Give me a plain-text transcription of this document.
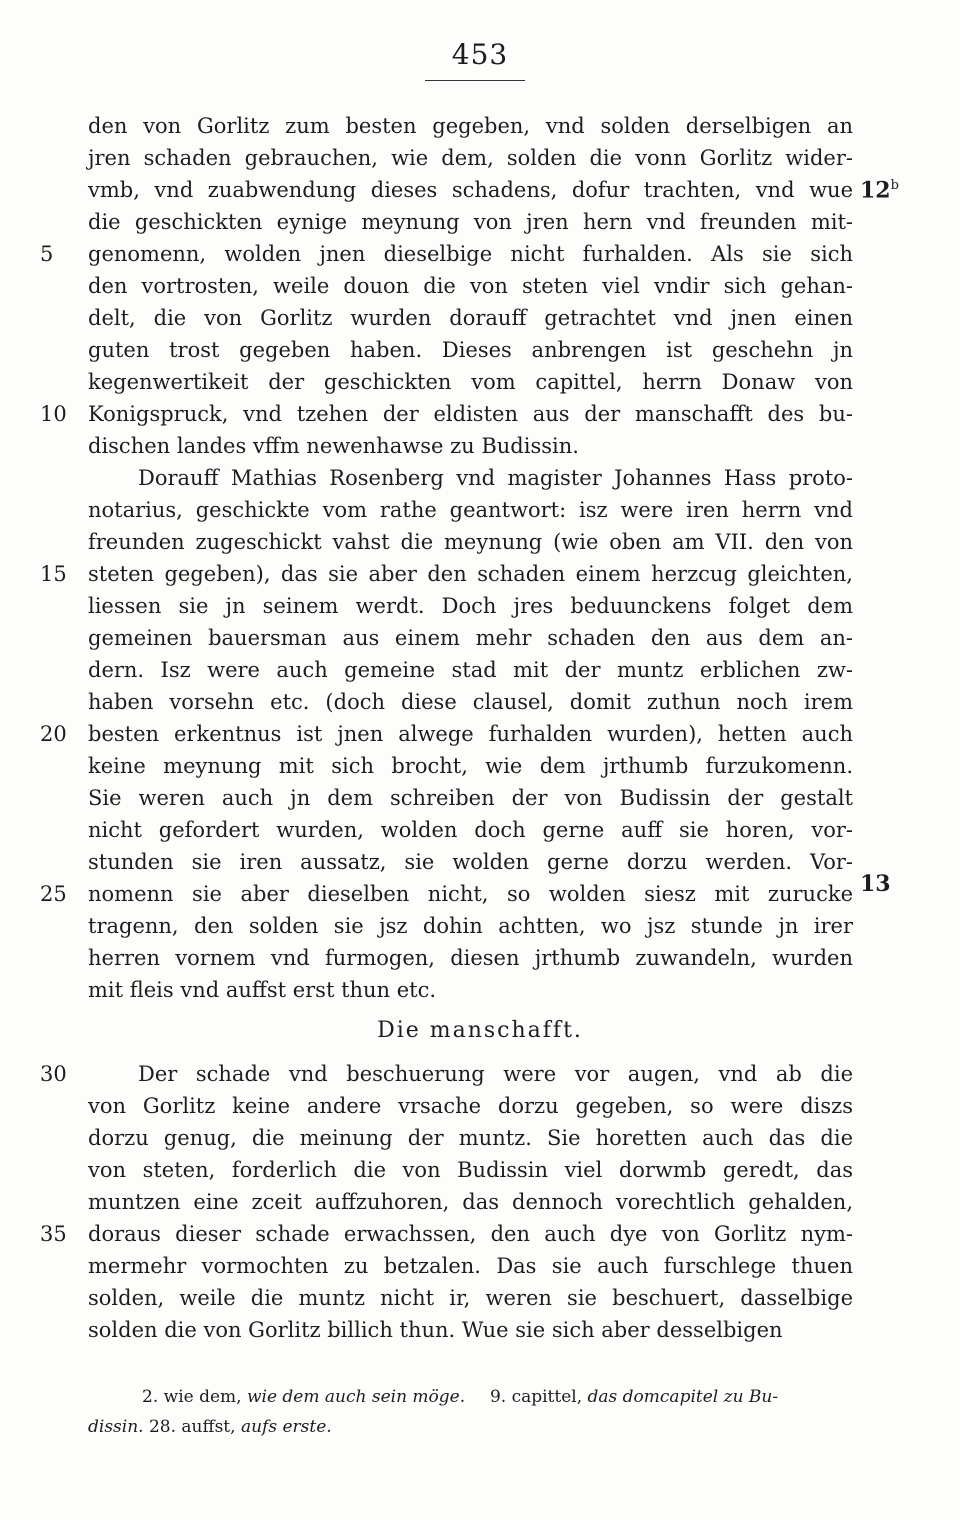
453
den von Gorlitz zum besten gegeben, vnd solden derselbigen an
jren schaden gebrauchen, wie dem, solden die vonn Gorlitz wider-
vmb, vnd zuabwendung dieses schadens, dofur trachten, vnd wue
die geschickten eynige meynung von jren hern vnd freunden mit-
genomenn, wolden jnen dieselbige nicht furhalden. Als sie sich
5
den vortrosten, weile douon die von steten viel vndir sich gehan-
delt, die von Gorlitz wurden dorauff getrachtet vnd jnen einen
guten trost gegeben haben. Dieses anbrengen ist geschehn jn
kegenwertikeit der geschickten vom capittel, herrn Donaw von
Konigspruck, vnd tzehen der eldisten aus der manschafft des bu-
10
dischen landes vffm newenhawse zu Budissin.
Dorauff Mathias Rosenberg vnd magister Johannes Hass proto-
notarius, geschickte vom rathe geantwort: isz were iren herrn vnd
freunden zugeschickt vahst die meynung (wie oben am VII. den von
steten gegeben), das sie aber den schaden einem herzcug gleichten,
15
liessen sie jn seinem werdt. Doch jres beduunckens folget dem
gemeinen bauersman aus einem mehr schaden den aus dem an-
dern. Isz were auch gemeine stad mit der muntz erblichen zw-
haben vorsehn etc. (doch diese clausel, domit zuthun noch irem
besten erkentnus ist jnen alwege furhalden wurden), hetten auch
20
keine meynung mit sich brocht, wie dem jrthumb furzukomenn.
Sie weren auch jn dem schreiben der von Budissin der gestalt
nicht gefordert wurden, wolden doch gerne auff sie horen, vor-
stunden sie iren aussatz, sie wolden gerne dorzu werden. Vor-
nomenn sie aber dieselben nicht, so wolden siesz mit zurucke
25
tragenn, den solden sie jsz dohin achtten, wo jsz stunde jn irer
herren vornem vnd furmogen, diesen jrthumb zuwandeln, wurden
mit fleis vnd auffst erst thun etc.
Der schade vnd beschuerung were vor augen, vnd ab die
30
von Gorlitz keine andere vrsache dorzu gegeben, so were diszs
dorzu genug, die meinung der muntz. Sie horetten auch das die
von steten, forderlich die von Budissin viel dorwmb geredt, das
muntzen eine zceit auffzuhoren, das dennoch vorechtlich gehalden,
doraus dieser schade erwachssen, den auch dye von Gorlitz nym-
35
mermehr vormochten zu betzalen. Das sie auch furschlege thuen
solden, weile die muntz nicht ir, weren sie beschuert, dasselbige
solden die von Gorlitz billich thun. Wue sie sich aber desselbigen
12$^b$
13
Die manschafft.
2. wie dem, wie dem auch sein möge. 9. capittel, das domcapitel zu Bu-
dissin. 28. auffst, aufs erste.
